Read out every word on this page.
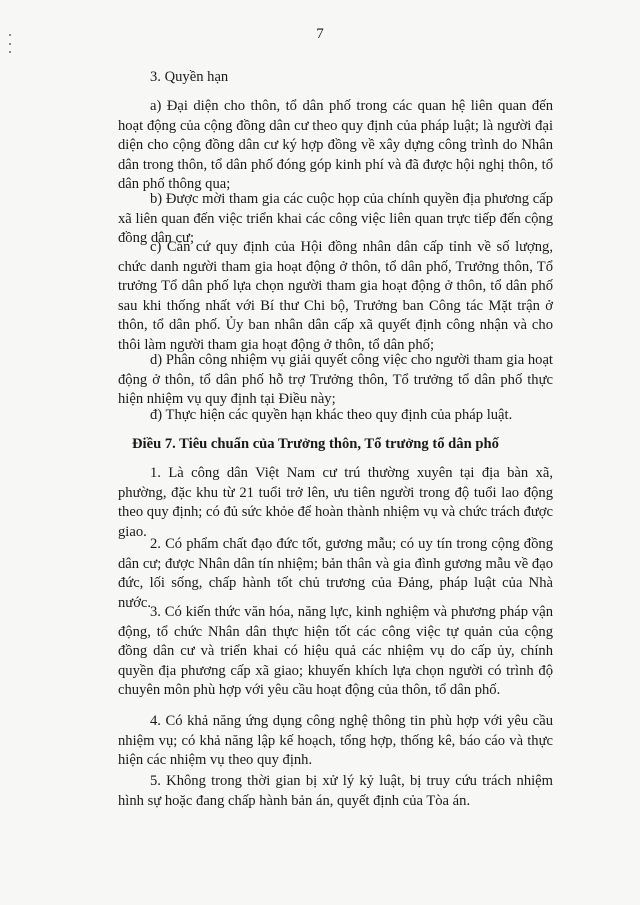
7

3. Quyền hạn

a) Đại diện cho thôn, tổ dân phố trong các quan hệ liên quan đến hoạt động của cộng đồng dân cư theo quy định của pháp luật; là người đại diện cho cộng đồng dân cư ký hợp đồng về xây dựng công trình do Nhân dân trong thôn, tổ dân phố đóng góp kinh phí và đã được hội nghị thôn, tổ dân phố thông qua;

b) Được mời tham gia các cuộc họp của chính quyền địa phương cấp xã liên quan đến việc triển khai các công việc liên quan trực tiếp đến cộng đồng dân cư;

c) Căn cứ quy định của Hội đồng nhân dân cấp tỉnh về số lượng, chức danh người tham gia hoạt động ở thôn, tổ dân phố, Trưởng thôn, Tổ trưởng Tổ dân phố lựa chọn người tham gia hoạt động ở thôn, tổ dân phố sau khi thống nhất với Bí thư Chi bộ, Trưởng ban Công tác Mặt trận ở thôn, tổ dân phố. Ủy ban nhân dân cấp xã quyết định công nhận và cho thôi làm người tham gia hoạt động ở thôn, tổ dân phố;

d) Phân công nhiệm vụ giải quyết công việc cho người tham gia hoạt động ở thôn, tổ dân phố hỗ trợ Trưởng thôn, Tổ trưởng tổ dân phố thực hiện nhiệm vụ quy định tại Điều này;

đ) Thực hiện các quyền hạn khác theo quy định của pháp luật.

Điều 7. Tiêu chuẩn của Trưởng thôn, Tổ trưởng tổ dân phố

1. Là công dân Việt Nam cư trú thường xuyên tại địa bàn xã, phường, đặc khu từ 21 tuổi trở lên, ưu tiên người trong độ tuổi lao động theo quy định; có đủ sức khỏe để hoàn thành nhiệm vụ và chức trách được giao.

2. Có phẩm chất đạo đức tốt, gương mẫu; có uy tín trong cộng đồng dân cư; được Nhân dân tín nhiệm; bản thân và gia đình gương mẫu về đạo đức, lối sống, chấp hành tốt chủ trương của Đảng, pháp luật của Nhà nước.

3. Có kiến thức văn hóa, năng lực, kinh nghiệm và phương pháp vận động, tổ chức Nhân dân thực hiện tốt các công việc tự quản của cộng đồng dân cư và triển khai có hiệu quả các nhiệm vụ do cấp ủy, chính quyền địa phương cấp xã giao; khuyến khích lựa chọn người có trình độ chuyên môn phù hợp với yêu cầu hoạt động của thôn, tổ dân phố.

4. Có khả năng ứng dụng công nghệ thông tin phù hợp với yêu cầu nhiệm vụ; có khả năng lập kế hoạch, tổng hợp, thống kê, báo cáo và thực hiện các nhiệm vụ theo quy định.

5. Không trong thời gian bị xử lý kỷ luật, bị truy cứu trách nhiệm hình sự hoặc đang chấp hành bản án, quyết định của Tòa án.
